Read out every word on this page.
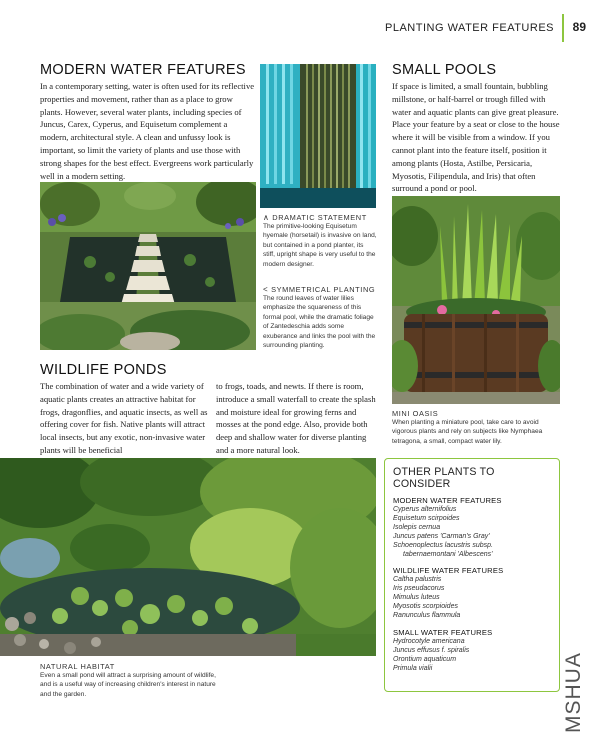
PLANTING WATER FEATURES 89
MODERN WATER FEATURES
In a contemporary setting, water is often used for its reflective properties and movement, rather than as a place to grow plants. However, several water plants, including species of Juncus, Carex, Cyperus, and Equisetum complement a modern, architectural style. A clean and unfussy look is important, so limit the variety of plants and use those with strong shapes for the best effect. Evergreens work particularly well in a modern setting.
∧ DRAMATIC STATEMENT
The primitive-looking Equisetum hyemale (horsetail) is invasive on land, but contained in a pond planter, its stiff, upright shape is very useful to the modern designer.
< SYMMETRICAL PLANTING
The round leaves of water lilies emphasize the squareness of this formal pool, while the dramatic foliage of Zantedeschia adds some exuberance and links the pool with the surrounding planting.
SMALL POOLS
If space is limited, a small fountain, bubbling millstone, or half-barrel or trough filled with water and aquatic plants can give great pleasure. Place your feature by a seat or close to the house where it will be visible from a window. If you cannot plant into the feature itself, position it among plants (Hosta, Astilbe, Persicaria, Myosotis, Filipendula, and Iris) that often surround a pond or pool.
MINI OASIS
When planting a miniature pool, take care to avoid vigorous plants and rely on subjects like Nymphaea tetragona, a small, compact water lily.
WILDLIFE PONDS
The combination of water and a wide variety of aquatic plants creates an attractive habitat for frogs, dragonflies, and aquatic insects, as well as offering cover for fish. Native plants will attract local insects, but any exotic, non-invasive water plants will be beneficial
to frogs, toads, and newts. If there is room, introduce a small waterfall to create the splash and moisture ideal for growing ferns and mosses at the pond edge. Also, provide both deep and shallow water for diverse planting and a more natural look.
NATURAL HABITAT
Even a small pond will attract a surprising amount of wildlife, and is a useful way of increasing children's interest in nature and the garden.
OTHER PLANTS TO CONSIDER
MODERN WATER FEATURES
Cyperus alternifolius
Equisetum scirpoides
Isolepis cernua
Juncus patens 'Carman's Gray'
Schoenoplectus lacustris subsp.
tabernaemontani 'Albescens'
WILDLIFE WATER FEATURES
Caltha palustris
Iris pseudacorus
Mimulus luteus
Myosotis scorpioides
Ranunculus flammula
SMALL WATER FEATURES
Hydrocotyle americana
Juncus effusus f. spiralis
Orontium aquaticum
Primula vialii	MSHUA
